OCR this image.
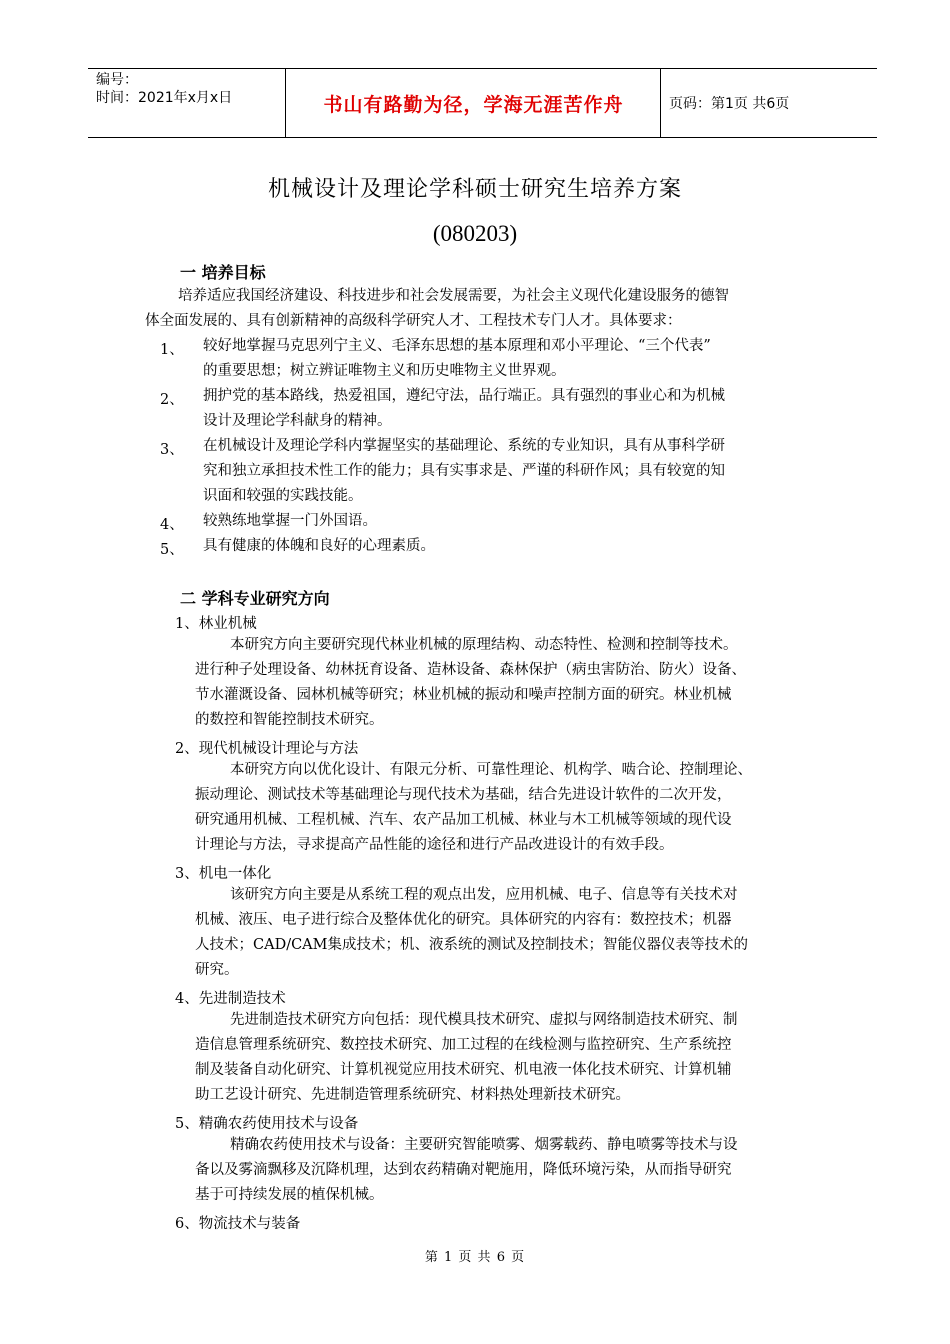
编号：
时间：2021年x月x日	书山有路勤为径，学海无涯苦作舟	页码：第1页 共6页
机械设计及理论学科硕士研究生培养方案
(080203)
一 培养目标
培养适应我国经济建设、科技进步和社会发展需要，为社会主义现代化建设服务的德智
体全面发展的、具有创新精神的高级科学研究人才、工程技术专门人才。具体要求：
1、 较好地掌握马克思列宁主义、毛泽东思想的基本原理和邓小平理论、“三个代表”
的重要思想；树立辨证唯物主义和历史唯物主义世界观。
2、 拥护党的基本路线，热爱祖国，遵纪守法，品行端正。具有强烈的事业心和为机械
设计及理论学科献身的精神。
3、 在机械设计及理论学科内掌握坚实的基础理论、系统的专业知识，具有从事科学研
究和独立承担技术性工作的能力；具有实事求是、严谨的科研作风；具有较宽的知
识面和较强的实践技能。
4、 较熟练地掌握一门外国语。
5、 具有健康的体魄和良好的心理素质。
二 学科专业研究方向
1、林业机械
本研究方向主要研究现代林业机械的原理结构、动态特性、检测和控制等技术。
进行种子处理设备、幼林抚育设备、造林设备、森林保护（病虫害防治、防火）设备、
节水灌溉设备、园林机械等研究；林业机械的振动和噪声控制方面的研究。林业机械
的数控和智能控制技术研究。
2、现代机械设计理论与方法
本研究方向以优化设计、有限元分析、可靠性理论、机构学、啮合论、控制理论、
振动理论、测试技术等基础理论与现代技术为基础，结合先进设计软件的二次开发，
研究通用机械、工程机械、汽车、农产品加工机械、林业与木工机械等领域的现代设
计理论与方法，寻求提高产品性能的途径和进行产品改进设计的有效手段。
3、机电一体化
该研究方向主要是从系统工程的观点出发，应用机械、电子、信息等有关技术对
机械、液压、电子进行综合及整体优化的研究。具体研究的内容有：数控技术；机器
人技术；CAD/CAM集成技术；机、液系统的测试及控制技术；智能仪器仪表等技术的
研究。
4、先进制造技术
先进制造技术研究方向包括：现代模具技术研究、虚拟与网络制造技术研究、制
造信息管理系统研究、数控技术研究、加工过程的在线检测与监控研究、生产系统控
制及装备自动化研究、计算机视觉应用技术研究、机电液一体化技术研究、计算机辅
助工艺设计研究、先进制造管理系统研究、材料热处理新技术研究。
5、精确农药使用技术与设备
精确农药使用技术与设备：主要研究智能喷雾、烟雾载药、静电喷雾等技术与设
备以及雾滴飘移及沉降机理，达到农药精确对靶施用，降低环境污染，从而指导研究
基于可持续发展的植保机械。
6、物流技术与装备
第 1 页 共 6 页
